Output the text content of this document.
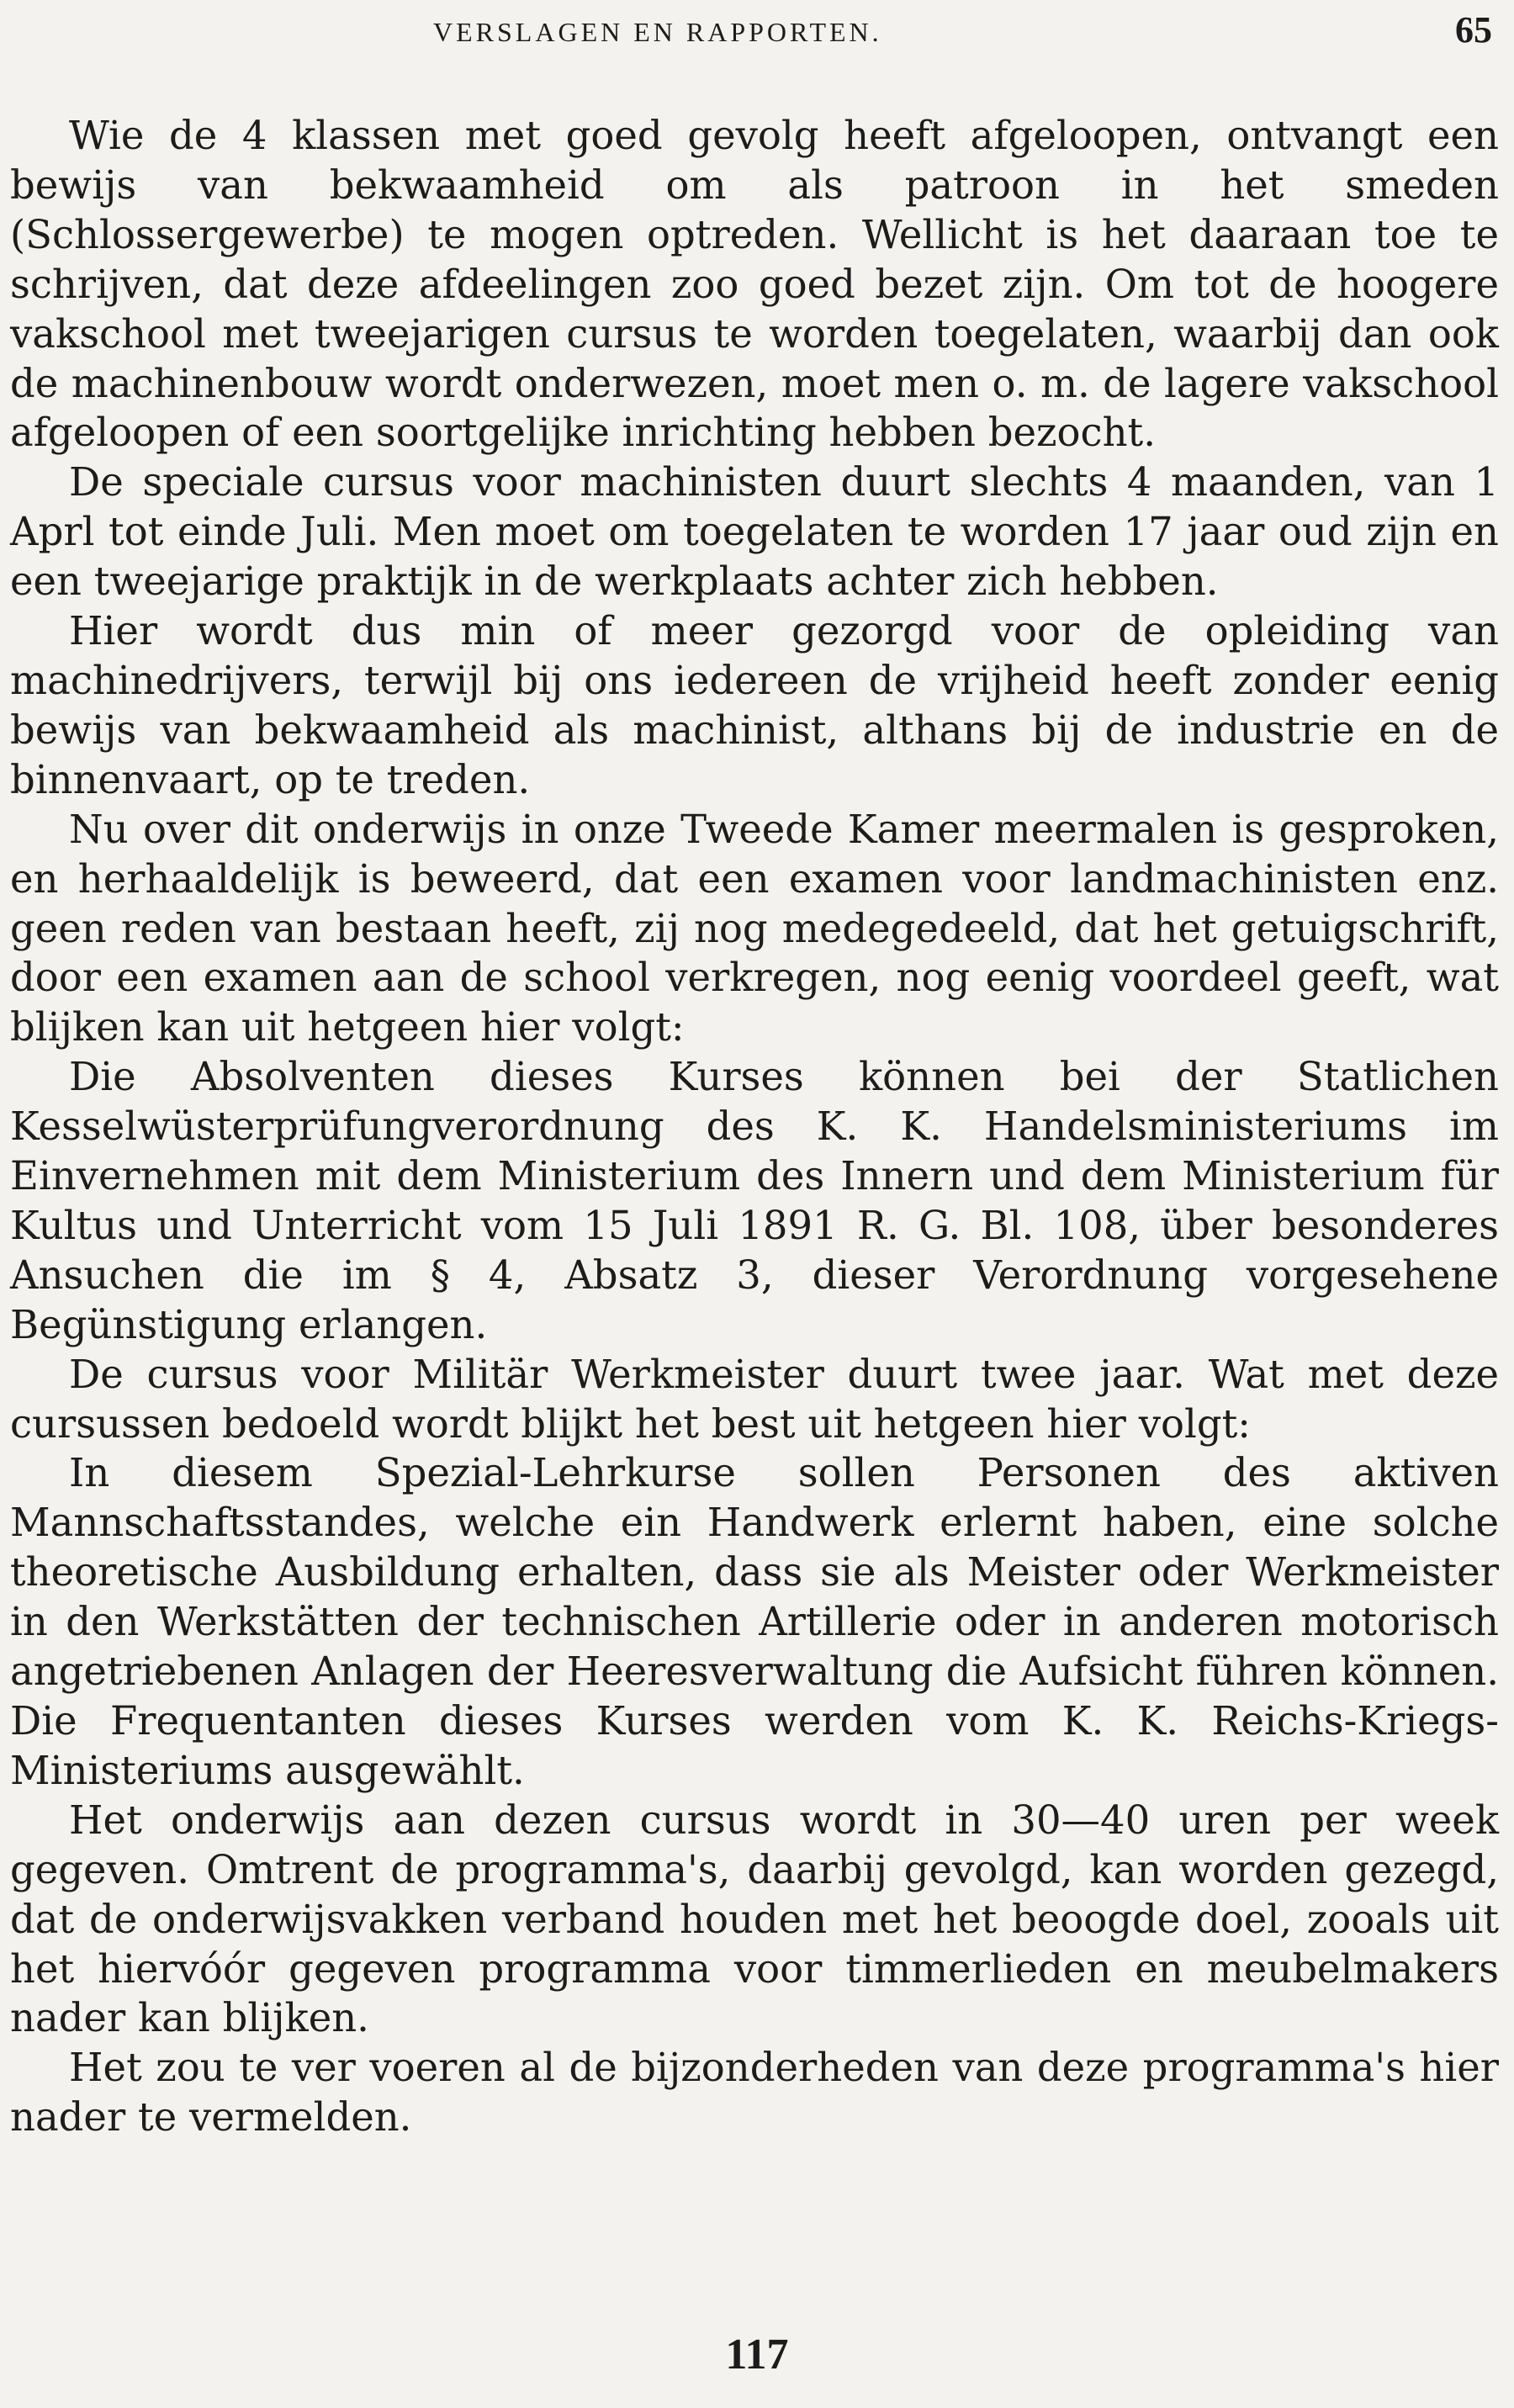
VERSLAGEN EN RAPPORTEN.	65

Wie de 4 klassen met goed gevolg heeft afgeloopen, ontvangt een bewijs van bekwaamheid om als patroon in het smeden (Schlossergewerbe) te mogen optreden. Wellicht is het daaraan toe te schrijven, dat deze afdeelingen zoo goed bezet zijn. Om tot de hoogere vakschool met tweejarigen cursus te worden toegelaten, waarbij dan ook de machinenbouw wordt onderwezen, moet men o. m. de lagere vakschool afgeloopen of een soortgelijke inrichting hebben bezocht.

De speciale cursus voor machinisten duurt slechts 4 maanden, van 1 Aprl tot einde Juli. Men moet om toegelaten te worden 17 jaar oud zijn en een tweejarige praktijk in de werkplaats achter zich hebben.

Hier wordt dus min of meer gezorgd voor de opleiding van machinedrijvers, terwijl bij ons iedereen de vrijheid heeft zonder eenig bewijs van bekwaamheid als machinist, althans bij de industrie en de binnenvaart, op te treden.

Nu over dit onderwijs in onze Tweede Kamer meermalen is gesproken, en herhaaldelijk is beweerd, dat een examen voor landmachinisten enz. geen reden van bestaan heeft, zij nog medegedeeld, dat het getuigschrift, door een examen aan de school verkregen, nog eenig voordeel geeft, wat blijken kan uit hetgeen hier volgt:

Die Absolventen dieses Kurses können bei der Statlichen Kesselwüsterprüfungverordnung des K. K. Handelsministeriums im Einvernehmen mit dem Ministerium des Innern und dem Ministerium für Kultus und Unterricht vom 15 Juli 1891 R. G. Bl. 108, über besonderes Ansuchen die im § 4, Absatz 3, dieser Verordnung vorgesehene Begünstigung erlangen.

De cursus voor Militär Werkmeister duurt twee jaar. Wat met deze cursussen bedoeld wordt blijkt het best uit hetgeen hier volgt:

In diesem Spezial-Lehrkurse sollen Personen des aktiven Mannschaftsstandes, welche ein Handwerk erlernt haben, eine solche theoretische Ausbildung erhalten, dass sie als Meister oder Werkmeister in den Werkstätten der technischen Artillerie oder in anderen motorisch angetriebenen Anlagen der Heeresverwaltung die Aufsicht führen können. Die Frequentanten dieses Kurses werden vom K. K. Reichs-Kriegs-Ministeriums ausgewählt.

Het onderwijs aan dezen cursus wordt in 30—40 uren per week gegeven. Omtrent de programma's, daarbij gevolgd, kan worden gezegd, dat de onderwijsvakken verband houden met het beoogde doel, zooals uit het hiervóór gegeven programma voor timmerlieden en meubelmakers nader kan blijken.

Het zou te ver voeren al de bijzonderheden van deze programma's hier nader te vermelden.

117
